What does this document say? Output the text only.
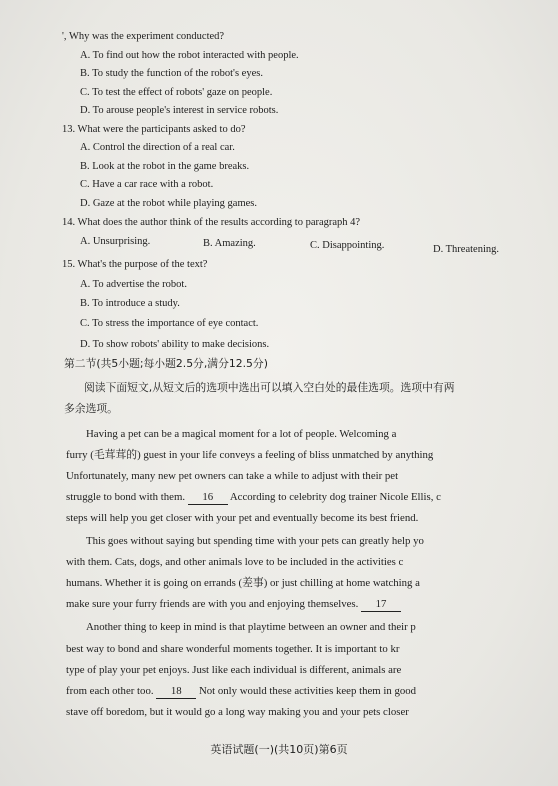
', Why was the experiment conducted?
A. To find out how the robot interacted with people.
B. To study the function of the robot's eyes.
C. To test the effect of robots' gaze on people.
D. To arouse people's interest in service robots.
13. What were the participants asked to do?
A. Control the direction of a real car.
B. Look at the robot in the game breaks.
C. Have a car race with a robot.
D. Gaze at the robot while playing games.
14. What does the author think of the results according to paragraph 4?
A. Unsurprising.	B. Amazing.	C. Disappointing.	D. Threatening.
15. What's the purpose of the text?
A. To advertise the robot.
B. To introduce a study.
C. To stress the importance of eye contact.
D. To show robots' ability to make decisions.
第二节(共5小题;每小题2.5分,满分12.5分)
阅读下面短文,从短文后的选项中选出可以填入空白处的最佳选项。选项中有两
多余选项。
Having a pet can be a magical moment for a lot of people. Welcoming a
furry (毛茸茸的) guest in your life conveys a feeling of bliss unmatched by anything
Unfortunately, many new pet owners can take a while to adjust with their pet
struggle to bond with them. 16 According to celebrity dog trainer Nicole Ellis, c
steps will help you get closer with your pet and eventually become its best friend.
This goes without saying but spending time with your pets can greatly help yo
with them. Cats, dogs, and other animals love to be included in the activities c
humans. Whether it is going on errands (差事) or just chilling at home watching a
make sure your furry friends are with you and enjoying themselves. 17
Another thing to keep in mind is that playtime between an owner and their p
best way to bond and share wonderful moments together. It is important to kr
type of play your pet enjoys. Just like each individual is different, animals are
from each other too. 18 Not only would these activities keep them in good
stave off boredom, but it would go a long way making you and your pets closer
英语试题(一)(共10页)第6页
